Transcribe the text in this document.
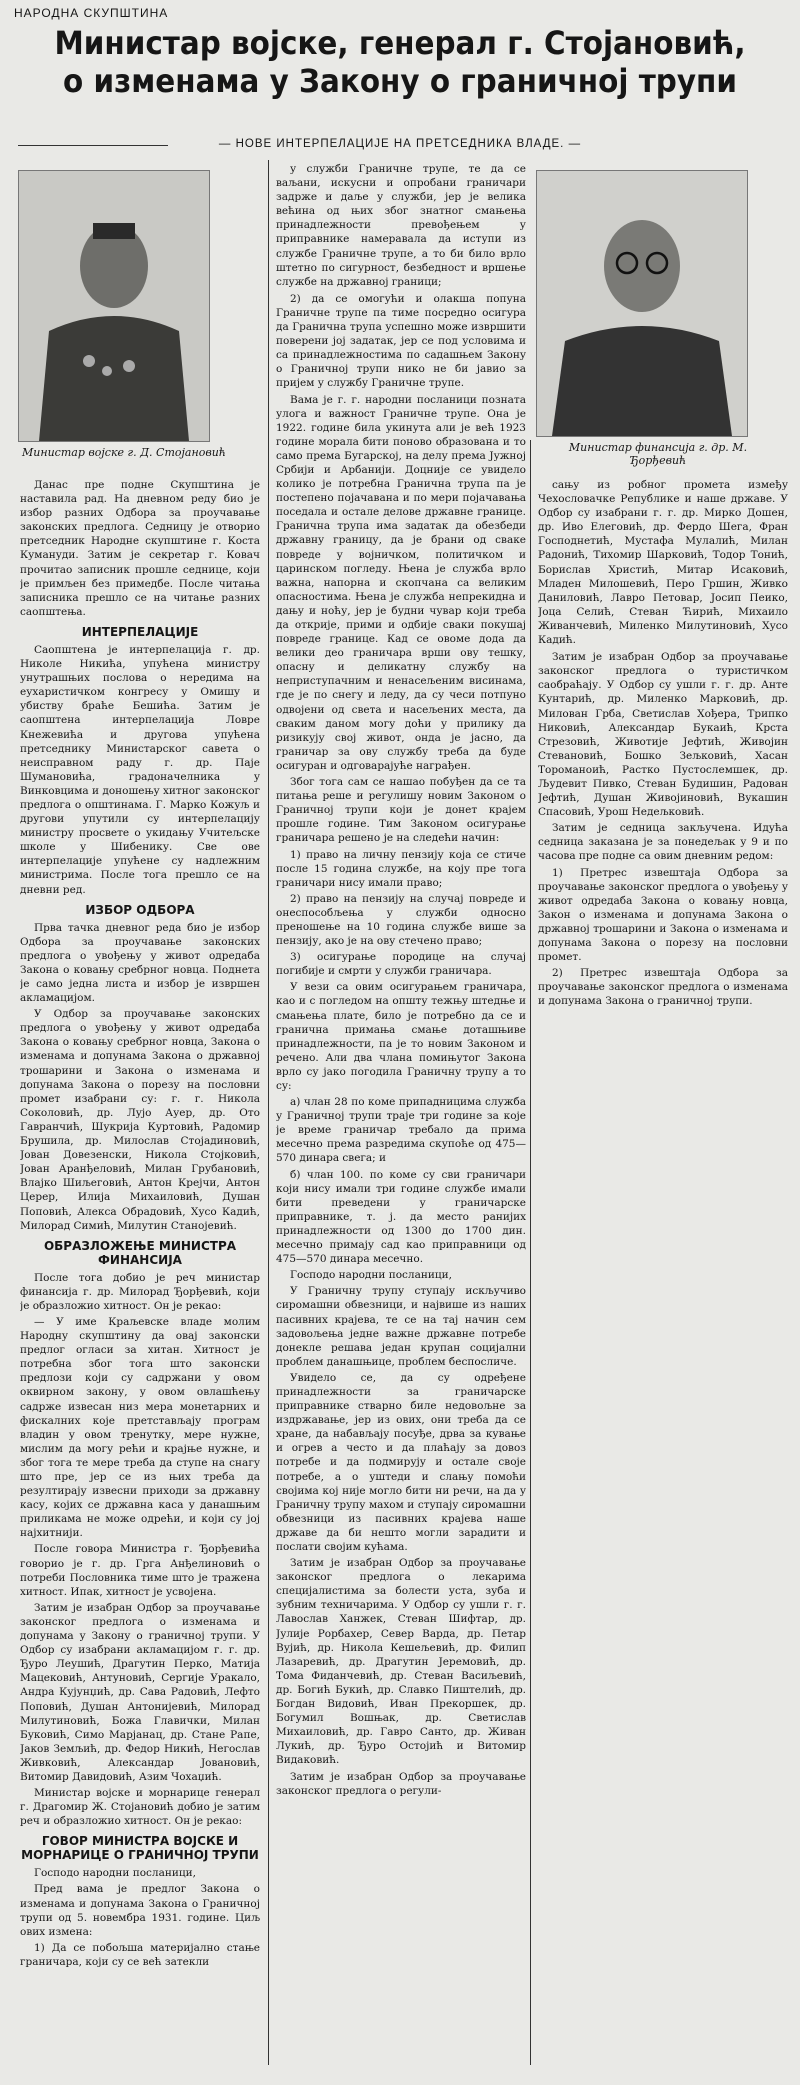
НАРОДНА СКУПШТИНА
Министар војске, генерал г. Стојановић, о изменама у Закону о граничној трупи
— НОВЕ ИНТЕРПЕЛАЦИЈЕ НА ПРЕТСЕДНИКА ВЛАДЕ. —
Министар војске г. Д. Стојановић	Министар финансија г. др. М. Ђорђевић

Данас пре подне Скупштина је наставила рад. На дневном реду био је избор разних Одбора за проучавање законских предлога. Седницу је отворио претседник Народне скупштине г. Коста Кумануди. Затим је секретар г. Ковач прочитао записник прошле седнице, који је примљен без примедбе. После читања записника прешло се на читање разних саопштења.

ИНТЕРПЕЛАЦИЈЕ

Саопштена је интерпелација г. др. Николе Никића, упућена министру унутрашњих послова о нередима на еухаристичком конгресу у Омишу и убиству браће Бешића. Затим је саопштена интерпелација Ловре Кнежевића и другова упућена претседнику Министарског савета о неисправном раду г. др. Паје Шумановића, градоначелника у Винковцима и доношењу хитног законског предлога о општинама. Г. Марко Кожуљ и другови упутили су интерпелацију министру просвете о укидању Учитељске школе у Шибенику. Све ове интерпелације упућене су надлежним министрима. После тога прешло се на дневни ред.

ИЗБОР ОДБОРА

Прва тачка дневног реда био је избор Одбора за проучавање законских предлога о увођењу у живот одредаба Закона о ковању сребрног новца. Поднета је само једна листа и избор је извршен акламацијом.

У Одбор за проучавање законских предлога о увођењу у живот одредаба Закона о ковању сребрног новца, Закона о изменама и допунама Закона о државној трошарини и Закона о изменама и допунама Закона о порезу на пословни промет изабрани су: г. г. Никола Соколовић, др. Лујо Ауер, др. Ото Гавранчић, Шукрија Куртовић, Радомир Брушила, др. Милослав Стојадиновић, Јован Довезенски, Никола Стојковић, Јован Аранђеловић, Милан Грубановић, Влајко Шиљеговић, Антон Крејчи, Антон Церер, Илија Михаиловић, Душан Поповић, Алекса Обрадовић, Хусо Кадић, Милорад Симић, Милутин Станојевић.

ОБРАЗЛОЖЕЊЕ МИНИСТРА ФИНАНСИЈА

После тога добио је реч министар финансија г. др. Милорад Ђорђевић, који је образложио хитност. Он је рекао:

— У име Краљевске владе молим Народну скупштину да овај законски предлог огласи за хитан. Хитност је потребна због тога што законски предлози који су садржани у овом оквирном закону, у овом овлашћењу садрже извесан низ мера монетарних и фискалних које претстављају програм владин у овом тренутку, мере нужне, мислим да могу рећи и крајње нужне, и због тога те мере треба да ступе на снагу што пре, јер се из њих треба да резултирају извесни приходи за државну касу, којих се државна каса у данашњим приликама не може одрећи, и који су јој најхитнији.

После говора Министра г. Ђорђевића говорио је г. др. Грга Анђелиновић о потреби Пословника тиме што је тражена хитност. Ипак, хитност је усвојена.

Затим је изабран Одбор за проучавање законског предлога о изменама и допунама у Закону о граничној трупи. У Одбор су изабрани акламацијом г. г. др. Ђуро Леушић, Драгутин Перко, Матија Мацековић, Антуновић, Сергије Уракало, Андра Кујунџић, др. Сава Радовић, Лефто Поповић, Душан Антонијевић, Милорад Милутиновић, Божа Главички, Милан Буковић, Симо Марјанац, др. Стане Рапе, Јаков Земљић, др. Федор Никић, Негослав Живковић, Александар Јовановић, Витомир Давидовић, Азим Чохаџић.

Министар војске и морнарице генерал г. Драгомир Ж. Стојановић добио је затим реч и образложио хитност. Он је рекао:

ГОВОР МИНИСТРА ВОЈСКЕ И МОРНАРИЦЕ О ГРАНИЧНОЈ ТРУПИ

Господо народни посланици,

Пред вама је предлог Закона о изменама и допунама Закона о Граничној трупи од 5. новембра 1931. године. Циљ ових измена:

1) Да се побољша материјално стање граничара, који су се већ затекли

у служби Граничне трупе, те да се ваљани, искусни и опробани граничари задрже и даље у служби, јер је велика већина од њих због знатног смањења принадлежности превођењем у приправнике намеравала да иступи из службе Граничне трупе, а то би било врло штетно по сигурност, безбедност и вршење службе на државној граници;

2) да се омогући и олакша попуна Граничне трупе па тиме посредно осигура да Гранична трупа успешно може извршити поверени јој задатак, јер се под условима и са принадлежностима по садашњем Закону о Граничној трупи нико не би јавио за пријем у службу Граничне трупе.

Вама је г. г. народни посланици позната улога и важност Граничне трупе. Она је 1922. године била укинута али је већ 1923 године морала бити поново образована и то само према Бугарској, на делу према Јужној Србији и Арбанији. Доцније се увидело колико је потребна Гранична трупа па је постепено појачавана и по мери појачавања поседала и остале делове државне границе. Гранична трупа има задатак да обезбеди државну границу, да је брани од сваке повреде у војничком, политичком и царинском погледу. Њена је служба врло важна, напорна и скопчана са великим опасностима. Њена је служба непрекидна и дању и ноћу, јер је будни чувар који треба да открије, прими и одбије сваки покушај повреде границе. Кад се овоме дода да велики део граничара врши ову тешку, опасну и деликатну службу на неприступачним и ненасељеним висинама, где је по снегу и леду, да су чеси потпуно одвојени од света и насељених места, да сваким даном могу доћи у прилику да ризикују свој живот, онда је јасно, да граничар за ову службу треба да буде осигуран и одговарајуће награђен.

Због тога сам се нашао побуђен да се та питања реше и регулишу новим Законом о Граничној трупи који је донет крајем прошле године. Тим Законом осигурање граничара решено је на следећи начин:

1) право на личну пензију која се стиче после 15 година службе, на коју пре тога граничари нису имали право;

2) право на пензију на случај повреде и онеспособљења у служби односно преношење на 10 година службе више за пензију, ако је на ову стечено право;

3) осигурање породице на случај погибије и смрти у служби граничара.

У вези са овим осигурањем граничара, као и с погледом на општу тежњу штедње и смањења плате, било је потребно да се и гранична примања смање доташњиве принадлежности, па је то новим Законом и речено. Али два члана помињутог Закона врло су јако погодила Граничну трупу а то су:

а) члан 28 по коме припадницима служба у Граничној трупи траје три године за које је време граничар требало да прима месечно према разредима скупоће од 475—570 динара свега; и

б) члан 100. по коме су сви граничари који нису имали три године службе имали бити преведени у граничарске приправнике, т. ј. да место ранијих принадлежности од 1300 до 1700 дин. месечно примају сад као приправници од 475—570 динара месечно.

Господо народни посланици,

У Граничну трупу ступају искључиво сиромашни обвезници, и највише из наших пасивних крајева, те се на тај начин сем задовољења једне важне државне потребе донекле решава један крупан социјални проблем данашњице, проблем беспосличе.

Увидело се, да су одређене принадлежности за граничарске приправнике стварно биле недовољне за издржавање, јер из ових, они треба да се хране, да набављају посуђе, дрва за кување и огрев а често и да плаћају за довоз потребе и да подмирују и остале своје потребе, а о уштеди и слању помоћи својима кој ниje могло бити ни речи, на да у Граничну трупу махом и ступају сиромашни обвезници из пасивних крајева наше државе да би нешто могли зарадити и послати својим кућама.

Затим је изабран Одбор за проучавање законског предлога о лекарима специјалистима за болести уста, зуба и зубним техничарима. У Одбор су ушли г. г. Лавослав Ханжек, Стеван Шифтар, др. Јулије Рорбахер, Север Варда, др. Петар Вујић, др. Никола Кешељевић, др. Филип Лазаревић, др. Драгутин Јеремовић, др. Тома Фиданчевић, др. Стеван Васиљевић, др. Богић Букић, др. Славко Пиштелић, др. Богдан Видовић, Иван Прекоршек, др. Богумил Вошњак, др. Светислав Михаиловић, др. Гавро Санто, др. Живан Лукић, др. Ђуро Остојић и Витомир Видаковић.

Затим је изабран Одбор за проучавање законског предлога о регули-

сању из робног промета између Чехословачке Републике и наше државе. У Одбор су изабрани г. г. др. Мирко Дошен, др. Иво Елеговић, др. Фердо Шега, Фран Господнетић, Мустафа Мулалић, Милан Радонић, Тихомир Шарковић, Тодор Тонић, Борислав Христић, Митар Исаковић, Младен Милошевић, Перо Гршин, Живко Даниловић, Лаврo Петовар, Јосип Пеико, Јоца Селић, Стеван Ћирић, Михаило Живанчевић, Миленко Милутиновић, Хусо Кадић.

Затим је изабран Одбор за проучавање законског предлога о туристичком саобраћају. У Одбор су ушли г. г. др. Анте Кунтарић, др. Миленко Марковић, др. Милован Грба, Светислав Хођера, Трипко Никовић, Александар Букаић, Крста Стрезовић, Животије Јефтић, Живојин Стевановић, Бошко Зељковић, Хасан Тороманоић, Растко Пустослемшек, др. Људевит Пивко, Стеван Будишин, Радован Јефтић, Душан Живојиновић, Вукашин Спасовић, Урош Недељковић.

Затим је седница закључена. Идућа седница заказана је за понедељак у 9 и по часова пре подне са овим дневним редом:

1) Претрес извештаја Одбора за проучавање законског предлога о увођењу у живот одредаба Закона о ковању новца, Закон о изменама и допунама Закона о државној трошарини и Закона о изменама и допунама Закона о порезу на пословни промет.

2) Претрес извештаја Одбора за проучавање законског предлога о изменама и допунама Закона о граничној трупи.
